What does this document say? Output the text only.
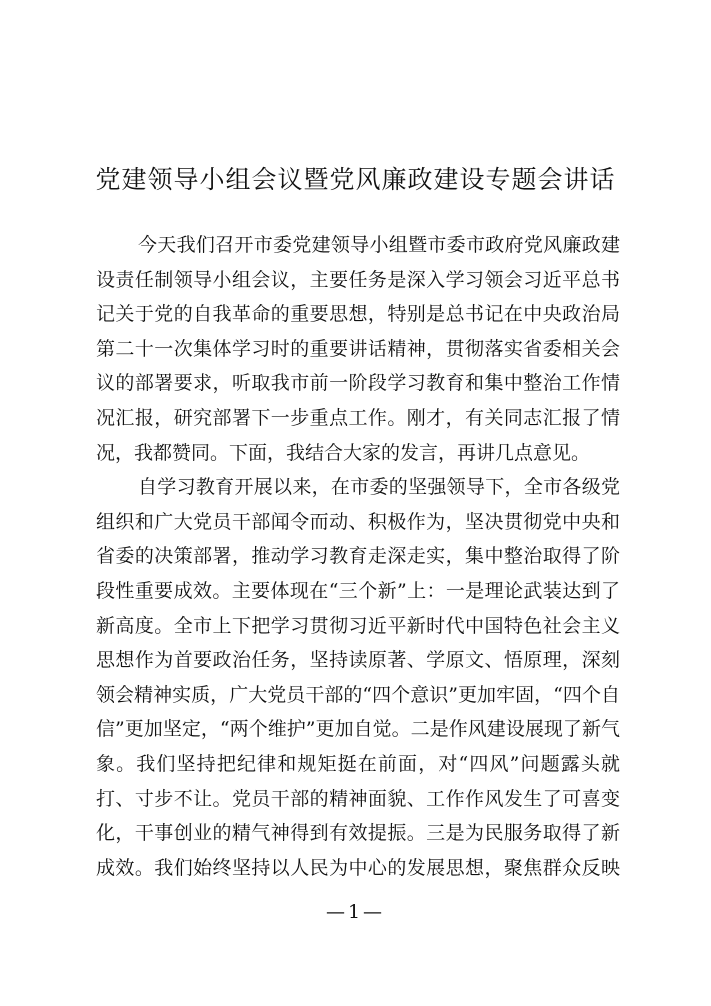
党建领导小组会议暨党风廉政建设专题会讲话
今天我们召开市委党建领导小组暨市委市政府党风廉政建
设责任制领导小组会议，主要任务是深入学习领会习近平总书
记关于党的自我革命的重要思想，特别是总书记在中央政治局
第二十一次集体学习时的重要讲话精神，贯彻落实省委相关会
议的部署要求，听取我市前一阶段学习教育和集中整治工作情
况汇报，研究部署下一步重点工作。刚才，有关同志汇报了情
况，我都赞同。下面，我结合大家的发言，再讲几点意见。
自学习教育开展以来，在市委的坚强领导下，全市各级党
组织和广大党员干部闻令而动、积极作为，坚决贯彻党中央和
省委的决策部署，推动学习教育走深走实，集中整治取得了阶
段性重要成效。主要体现在“三个新”上：一是理论武装达到了
新高度。全市上下把学习贯彻习近平新时代中国特色社会主义
思想作为首要政治任务，坚持读原著、学原文、悟原理，深刻
领会精神实质，广大党员干部的“四个意识”更加牢固，“四个自
信”更加坚定，“两个维护”更加自觉。二是作风建设展现了新气
象。我们坚持把纪律和规矩挺在前面，对“四风”问题露头就
打、寸步不让。党员干部的精神面貌、工作作风发生了可喜变
化，干事创业的精气神得到有效提振。三是为民服务取得了新
成效。我们始终坚持以人民为中心的发展思想，聚焦群众反映
—1—
